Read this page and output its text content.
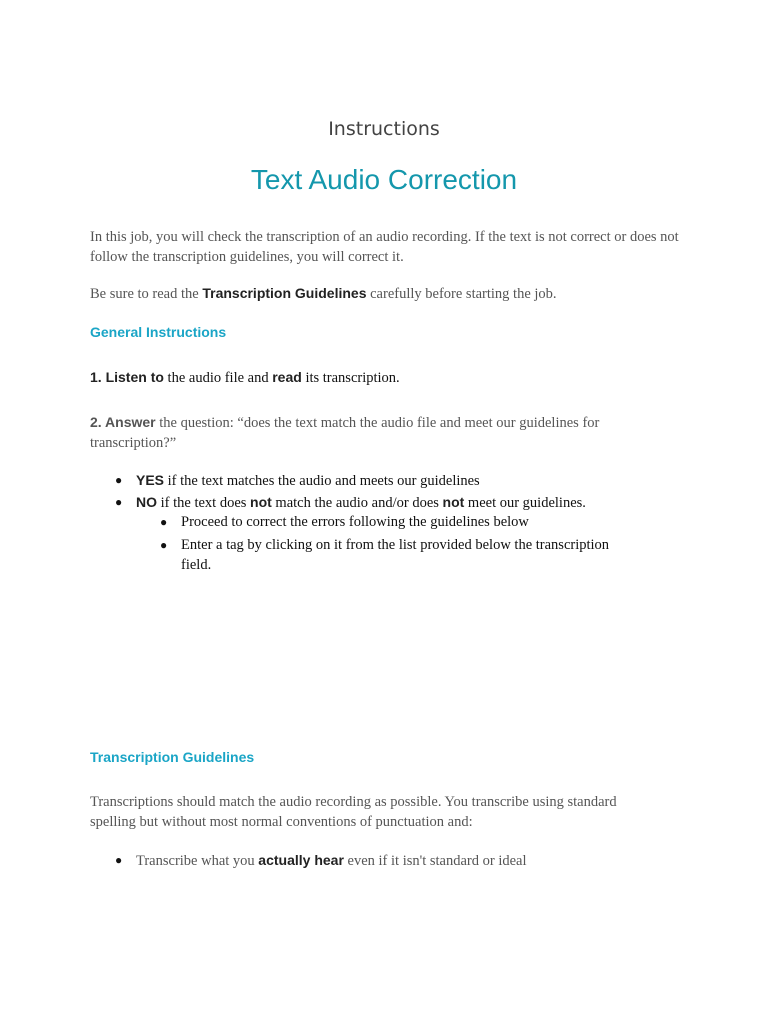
Instructions
Text Audio Correction

In this job, you will check the transcription of an audio recording. If the text is not correct or does not follow the transcription guidelines, you will correct it.

Be sure to read the Transcription Guidelines carefully before starting the job.

General Instructions

1. Listen to the audio file and read its transcription.

2. Answer the question: “does the text match the audio file and meet our guidelines for transcription?”

● YES if the text matches the audio and meets our guidelines
● NO if the text does not match the audio and/or does not meet our guidelines.
● Proceed to correct the errors following the guidelines below
● Enter a tag by clicking on it from the list provided below the transcription field.
Transcription Guidelines

Transcriptions should match the audio recording as possible. You transcribe using standard spelling but without most normal conventions of punctuation and:

● Transcribe what you actually hear even if it isn't standard or ideal
